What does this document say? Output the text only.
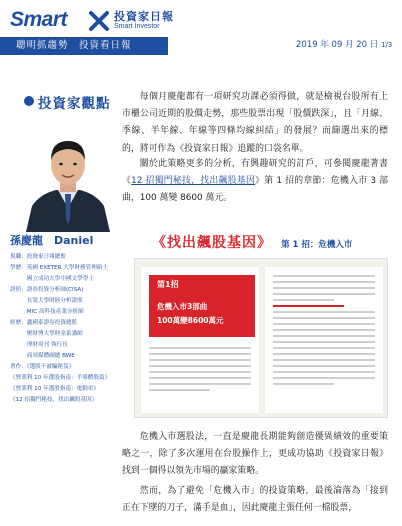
Smart	投資家日報
Smart Investor
聰明抓趨勢　投資看日報	2019 年 09 月 20 日 1/3
投資家觀點
孫慶龍　Daniel
現職：投資家日報總監
學歷：英國 EXETER 大學財務管理碩士
　　　國立成功大學中國文學學士
證照：證券投資分析師(CISA)
　　　長榮大學財經分析證照
　　　MIC 高科技產業分析師
經歷：鑫國泰證券投資總監
　　　聚財博大學財金系講師
　　　理財周刊 執行長
　　　商周媒體副總 BWE
著作：《選股不被騙秘笈》
《營業利 10 年選股指南：半導體股篇》
《營業利 10 年選股指南：電動車》
《12 招獨門秘技，找出飆股基因》
每個月慶龍都有一項研究功課必須得做，就是檢視台股所有上市櫃公司近期的股價走勢，那些股票出現「股價跌深」，且「月線、季線、半年線、年線等四條均線糾結」的發展？而篩選出來的標的，將可作為《投資家日報》追蹤的口袋名單。
關於此策略更多的分析，有興趣研究的訂戶，可參閱慶龍著書《12 招獨門秘技，找出飆股基因》第 1 招的章節：危機入市 3 部曲，100 萬變 8600 萬元。
《找出飆股基因》 第 1 招：危機入市
第1招
危機入市3部曲
100萬變8600萬元
危機入市選股法，一直是慶龍長期能夠創造優異績效的重要策略之一，除了多次運用在台股操作上，更成功協助《投資家日報》找到一個得以領先市場的贏家策略。
然而，為了避免「危機入市」的投資策略，最後淪落為「接到正在下墜的刀子，滿手是血」，因此慶龍主張任何一檔股票，
